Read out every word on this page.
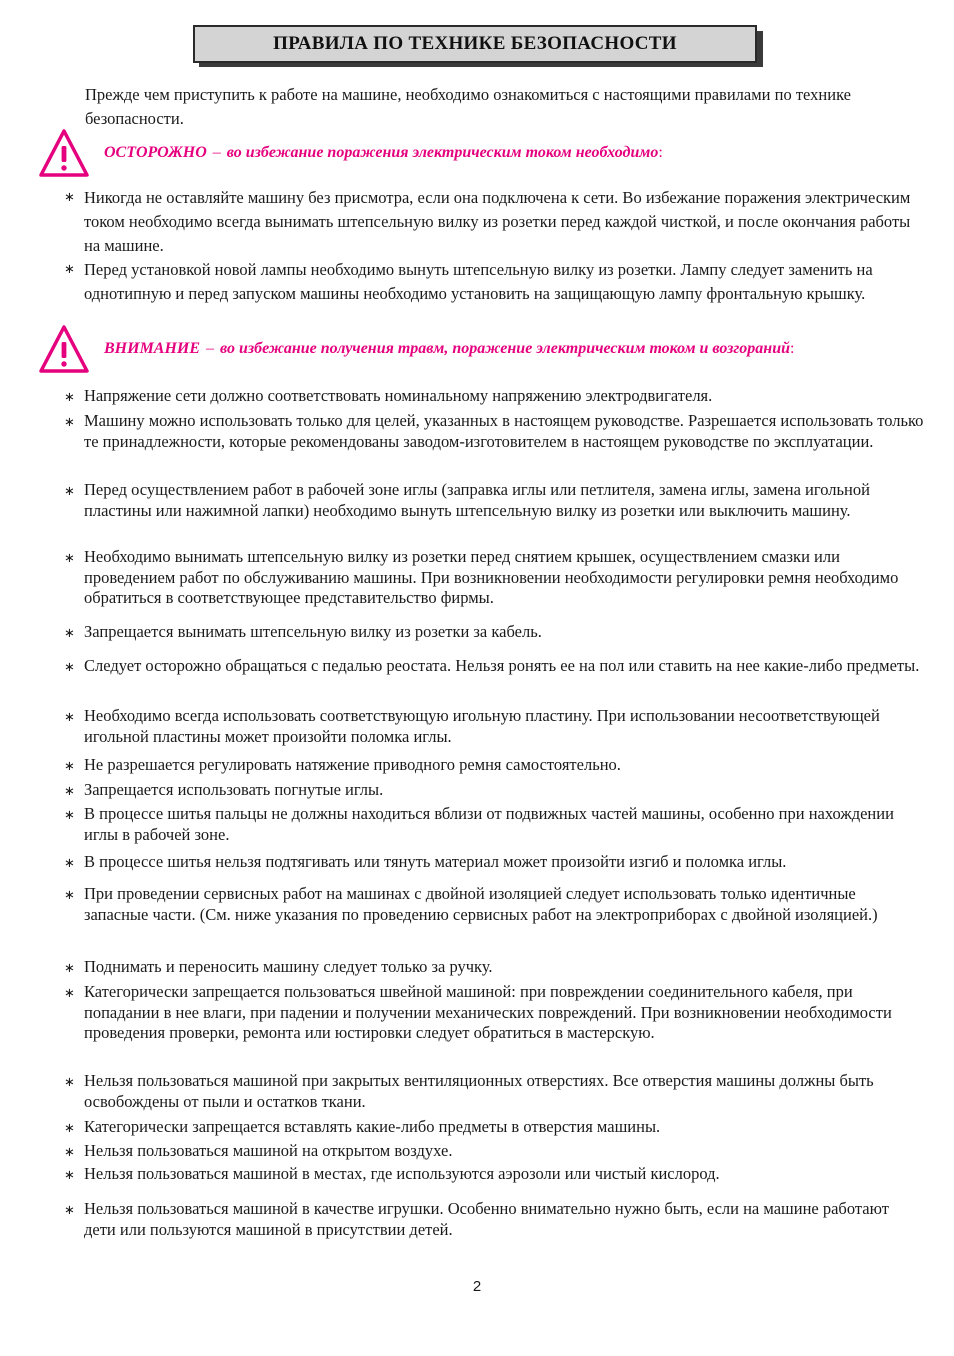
ПРАВИЛА ПО ТЕХНИКЕ БЕЗОПАСНОСТИ
Прежде чем приступить к работе на машине, необходимо ознакомиться с настоящими правилами по технике безопасности.
ОСТОРОЖНО – во избежание поражения электрическим током необходимо:
∗ Никогда не оставляйте машину без присмотра, если она подключена к сети. Во избежание поражения электрическим током необходимо всегда вынимать штепсельную вилку из розетки перед каждой чисткой, и после окончания работы на машине.

∗ Перед установкой новой лампы необходимо вынуть штепсельную вилку из розетки. Лампу следует заменить на однотипную и перед запуском машины необходимо установить на защищающую лампу фронтальную крышку.

ВНИМАНИЕ – во избежание получения травм, поражение электрическим током и возгораний:
∗ Напряжение сети должно соответствовать номинальному напряжению электродвигателя.

∗ Машину можно использовать только для целей, указанных в настоящем руководстве. Разрешается использовать только те принадлежности, которые рекомендованы заводом-изготовителем в настоящем руководстве по эксплуатации.

∗ Перед осуществлением работ в рабочей зоне иглы (заправка иглы или петлителя, замена иглы, замена игольной пластины или нажимной лапки) необходимо вынуть штепсельную вилку из розетки или выключить машину.

∗ Необходимо вынимать штепсельную вилку из розетки перед снятием крышек, осуществлением смазки или проведением работ по обслуживанию машины. При возникновении необходимости регулировки ремня необходимо обратиться в соответствующее представительство фирмы.

∗ Запрещается вынимать штепсельную вилку из розетки за кабель.

∗ Следует осторожно обращаться с педалью реостата. Нельзя ронять ее на пол или ставить на нее какие-либо предметы.

∗ Необходимо всегда использовать соответствующую игольную пластину. При использовании несоответствующей игольной пластины может произойти поломка иглы.

∗ Не разрешается регулировать натяжение приводного ремня самостоятельно.

∗ Запрещается использовать погнутые иглы.

∗ В процессе шитья пальцы не должны находиться вблизи от подвижных частей машины, особенно при нахождении иглы в рабочей зоне.

∗ В процессе шитья нельзя подтягивать или тянуть материал может произойти изгиб и поломка иглы.

∗ При проведении сервисных работ на машинах с двойной изоляцией следует использовать только идентичные запасные части. (См. ниже указания по проведению сервисных работ на электроприборах с двойной изоляцией.)

∗ Поднимать и переносить машину следует только за ручку.

∗ Категорически запрещается пользоваться швейной машиной: при повреждении соединительного кабеля, при попадании в нее влаги, при падении и получении механических повреждений. При возникновении необходимости проведения проверки, ремонта или юстировки следует обратиться в мастерскую.

∗ Нельзя пользоваться машиной при закрытых вентиляционных отверстиях. Все отверстия машины должны быть освобождены от пыли и остатков ткани.

∗ Категорически запрещается вставлять какие-либо предметы в отверстия машины.

∗ Нельзя пользоваться машиной на открытом воздухе.

∗ Нельзя пользоваться машиной в местах, где используются аэрозоли или чистый кислород.

∗ Нельзя пользоваться машиной в качестве игрушки. Особенно внимательно нужно быть, если на машине работают дети или пользуются машиной в присутствии детей.

2
